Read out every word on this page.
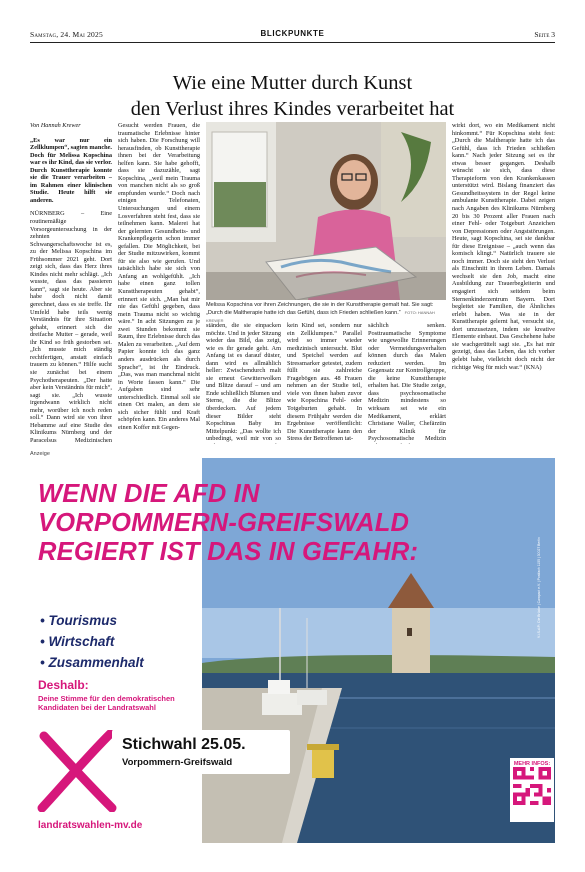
Samstag, 24. Mai 2025	BLICKPUNKTE	Seite 3
Wie eine Mutter durch Kunst
den Verlust ihres Kindes verarbeitet hat

Von Hannah Krewer

„Es war nur ein Zellklumpen“, sagten manche. Doch für Melissa Kopschina war es ihr Kind, das sie verlor. Durch Kunsttherapie konnte sie die Trauer verarbeiten – im Rahmen einer klinischen Studie. Heute hilft sie anderen.

NÜRNBERG – Eine routinemäßige Vorsorgeuntersuchung in der zehnten Schwangerschaftswoche ist es, zu der Melissa Kopschina im Frühsommer 2021 geht. Dort zeigt sich, dass das Herz ihres Kindes nicht mehr schlägt. „Ich wusste, dass das passieren kann“, sagt sie heute. Aber sie habe doch nicht damit gerechnet, dass es sie treffe. Ihr Umfeld habe teils wenig Verständnis für ihre Situation gehabt, erinnert sich die dreifache Mutter – gerade, weil ihr Kind so früh gestorben sei. „Ich musste mich ständig rechtfertigen, anstatt einfach trauern zu können.“ Hilfe sucht sie zunächst bei einem Psychotherapeuten. „Der hatte aber kein Verständnis für mich“, sagt sie. „Ich wusste irgendwann wirklich nicht mehr, worüber ich noch reden soll.“ Dann wird sie von ihrer Hebamme auf eine Studie des Klinikums Nürnberg und der Paracelsus Medizinischen

Gesucht werden Frauen, die traumatische Erlebnisse hinter sich haben. Die Forschung will herausfinden, ob Kunsttherapie ihnen bei der Verarbeitung helfen kann. Sie habe gehofft, dass sie dazuzähle, sagt Kopschina, „weil mein Trauma von manchen nicht als so groß empfunden wurde.“ Doch nach einigen Telefonaten, Untersuchungen und einem Losverfahren steht fest, dass sie teilnehmen kann. Malerei hat der gelernten Gesundheits- und Krankenpflegerin schon immer gefallen. Die Möglichkeit, bei der Studie mitzuwirken, kommt für sie also wie gerufen. Und tatsächlich habe sie sich von Anfang an wohlgefühlt. „Ich habe einen ganz tollen Kunsttherapeuten gehabt“, erinnert sie sich. „Man hat mir nie das Gefühl gegeben, dass mein Trauma nicht so wichtig wäre.“ In acht Sitzungen zu je zwei Stunden bekommt sie Raum, ihre Erlebnisse durch das Malen zu verarbeiten. „Auf dem Papier konnte ich das ganz anders ausdrücken als durch Sprache“, ist ihr Eindruck. „Das, was man manchmal nicht in Worte fassen kann.“ Die Aufgaben sind sehr unterschiedlich. Einmal soll sie einen Ort malen, an dem sie sich sicher fühlt und Kraft schöpfen kann. Ein anderes Mal einen Koffer mit Gegen-

Melissa Kopschina vor ihren Zeichnungen, die sie in der Kunsttherapie gemalt hat. Sie sagt: „Durch die Maltherapie hatte ich das Gefühl, dass ich Frieden schließen kann.“ FOTO: HANNAH KREWER

ständen, die sie einpacken möchte. Und in jeder Sitzung wieder das Bild, das zeigt, wie es ihr gerade geht. Am Anfang ist es darauf düster, dann wird es allmählich heller: Zwischendurch malt sie erneut Gewitterwolken und Blitze darauf – und am Ende schließlich Blumen und Sterne, die die Blitze überdecken. Auf jedem dieser Bilder steht Kopschinas Baby im Mittelpunkt: „Das wollte ich unbedingt, weil mir von so

kein Kind sei, sondern nur ein Zellklumpen.“ Parallel wird so immer wieder medizinisch untersucht. Blut und Speichel werden auf Stressmarker getestet, zudem füllt sie zahlreiche Fragebögen aus. 48 Frauen nehmen an der Studie teil, viele von ihnen haben zuvor wie Kopschina Fehl- oder Totgeburten gehabt. In diesem Frühjahr werden die Ergebnisse veröffentlicht: Die Kunsttherapie kann den Stress der Betroffenen tat-

sächlich senken. Posttraumatische Symptome wie ungewollte Erinnerungen oder Vermeidungsverhalten können durch das Malen reduziert werden. Im Gegensatz zur Kontrollgruppe, die keine Kunsttherapie erhalten hat. Die Studie zeige, dass psychosomatische Medizin mindestens so wirksam sei wie ein Medikament, erklärt Christiane Waller, Chefärztin der Klinik für Psychosomatische Medizin

wirkt dort, wo ein Medikament nicht hinkommt.“ Für Kopschina steht fest: „Durch die Maltherapie hatte ich das Gefühl, dass ich Frieden schließen kann.“ Nach jeder Sitzung sei es ihr etwas besser gegangen. Deshalb wünscht sie sich, dass diese Therapieform von den Krankenkassen unterstützt wird. Bislang finanziert das Gesundheitssystem in der Regel keine ambulante Kunsttherapie. Dabei zeigen nach Angaben des Klinikums Nürnberg 20 bis 30 Prozent aller Frauen nach einer Fehl- oder Totgeburt Anzeichen von Depressionen oder Angststörungen. Heute, sagt Kopschina, sei sie dankbar für diese Ereignisse – „auch wenn das komisch klingt.“ Natürlich trauere sie noch immer. Doch sie sieht den Verlust als Einschnitt in ihrem Leben. Damals wechselt sie den Job, macht eine Ausbildung zur Trauerbegleiterin und engagiert sich seitdem beim Sternenkinderzentrum Bayern. Dort begleitet sie Familien, die Ähnliches erlebt haben. Was sie in der Kunsttherapie gelernt hat, versucht sie, dort umzusetzen, indem sie kreative Elemente einbaut. Das Geschehene habe sie wachgerüttelt sagt sie. „Es hat mir gezeigt, dass das Leben, das ich vorher gelebt habe, vielleicht doch nicht der richtige Weg für mich war.“ (KNA)

Anzeige
WENN DIE AFD IN VORPOMMERN-GREIFSWALD REGIERT IST DAS IN GEFAHR:
• Tourismus
• Wirtschaft
• Zusammenhalt
Deshalb:
Deine Stimme für den demokratischen Kandidaten bei der Landratswahl
Stichwahl 25.05.
Vorpommern-Greifswald
landratswahlen-mv.de
V.i.S.d.P.: Die Brücke | Campact e.V. | Postfach 1155 | 30027 Berlin
MEHR INFOS:
